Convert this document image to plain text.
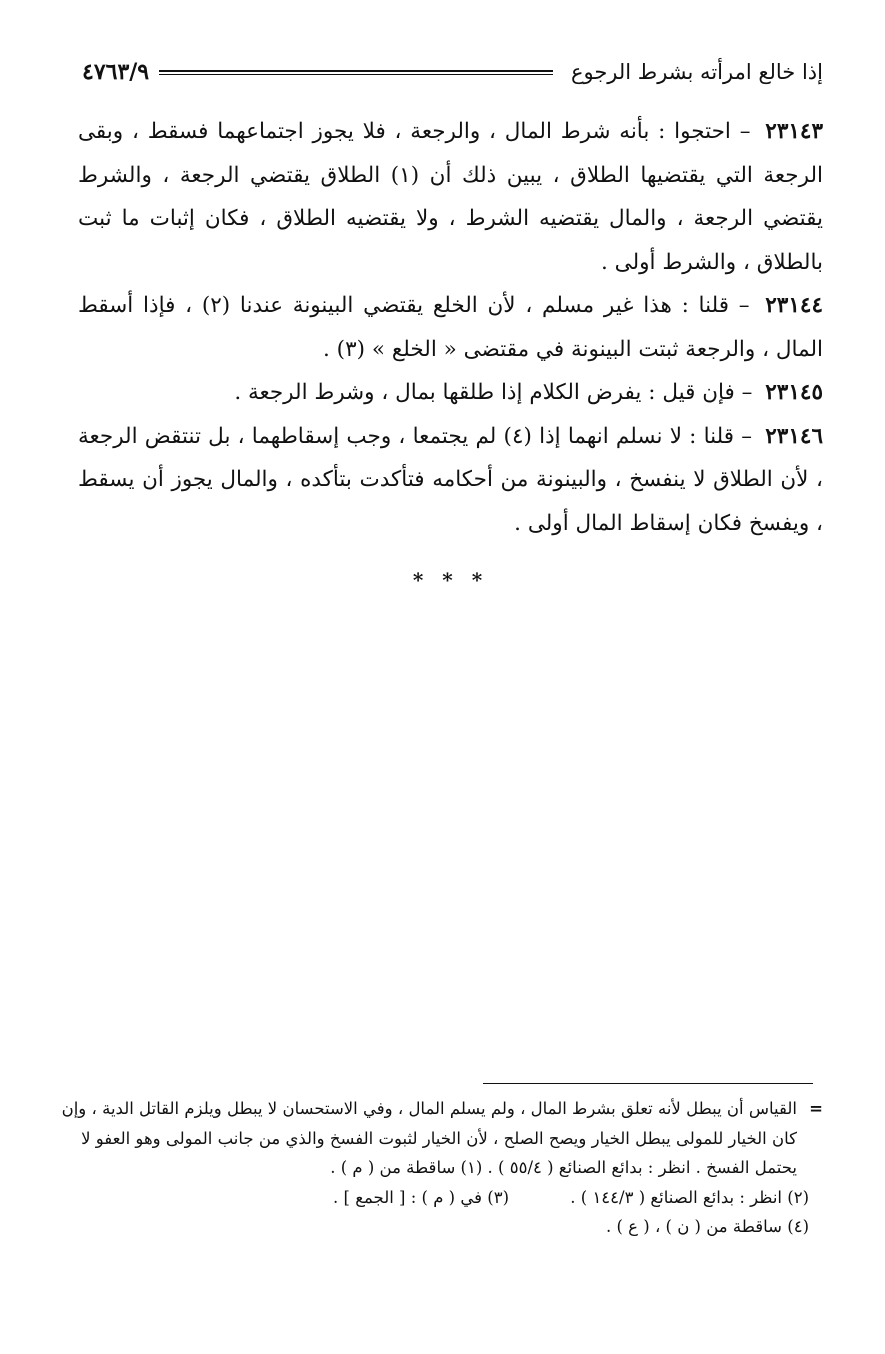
إذا خالع امرأته بشرط الرجوع
٤٧٦٣/٩

٢٣١٤٣ – احتجوا : بأنه شرط المال ، والرجعة ، فلا يجوز اجتماعهما فسقط ، وبقى الرجعة التي يقتضيها الطلاق ، يبين ذلك أن (١) الطلاق يقتضي الرجعة ، والشرط يقتضي الرجعة ، والمال يقتضيه الشرط ، ولا يقتضيه الطلاق ، فكان إثبات ما ثبت بالطلاق ، والشرط أولى .

٢٣١٤٤ – قلنا : هذا غير مسلم ، لأن الخلع يقتضي البينونة عندنا (٢) ، فإذا أسقط المال ، والرجعة ثبتت البينونة في مقتضى « الخلع » (٣) .

٢٣١٤٥ – فإن قيل : يفرض الكلام إذا طلقها بمال ، وشرط الرجعة .

٢٣١٤٦ – قلنا : لا نسلم انهما إذا (٤) لم يجتمعا ، وجب إسقاطهما ، بل تنتقض الرجعة ، لأن الطلاق لا ينفسخ ، والبينونة من أحكامه فتأكدت بتأكده ، والمال يجوز أن يسقط ، ويفسخ فكان إسقاط المال أولى .

* * *
=
القياس أن يبطل لأنه تعلق بشرط المال ، ولم يسلم المال ، وفي الاستحسان لا يبطل ويلزم القاتل الدية ، وإن كان الخيار للمولى يبطل الخيار ويصح الصلح ، لأن الخيار لثبوت الفسخ والذي من جانب المولى وهو العفو لا يحتمل الفسخ . انظر : بدائع الصنائع ( ٥٥/٤ ) . (١) ساقطة من ( م ) .
(٢) انظر : بدائع الصنائع ( ١٤٤/٣ ) .
(٣) في ( م ) : [ الجمع ] .
(٤) ساقطة من ( ن ) ، ( ع ) .
